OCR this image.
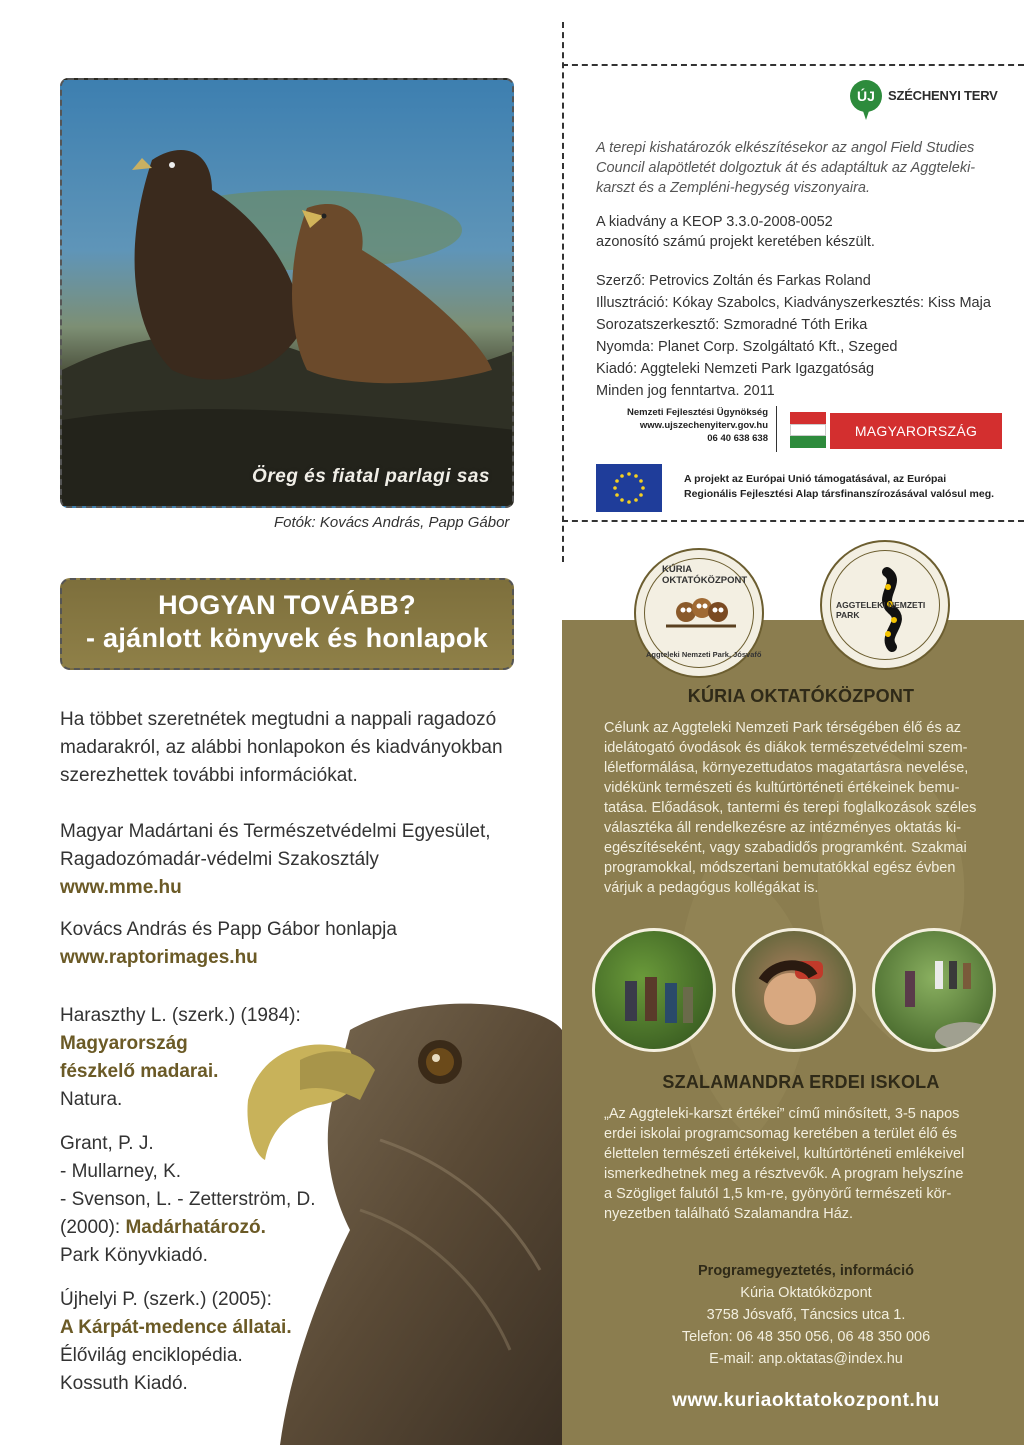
Öreg és fiatal parlagi sas
Fotók: Kovács András, Papp Gábor
HOGYAN TOVÁBB?
- ajánlott könyvek és honlapok
Ha többet szeretnétek megtudni a nappali ragadozó
madarakról, az alábbi honlapokon és kiadványokban
szerezhettek további információkat.
Magyar Madártani és Természetvédelmi Egyesület,
Ragadozómadár-védelmi Szakosztály
www.mme.hu
Kovács András és Papp Gábor honlapja
www.raptorimages.hu
Haraszthy L. (szerk.) (1984):
Magyarország
fészkelő madarai.
Natura.
Grant, P. J.
- Mullarney, K.
- Svenson, L. - Zetterström, D.
(2000): Madárhatározó.
Park Könyvkiadó.
Újhelyi P. (szerk.) (2005):
A Kárpát-medence állatai.
Élővilág enciklopédia.
Kossuth Kiadó.
ÚJ	SZÉCHENYI TERV
A terepi kishatározók elkészítésekor az angol Field Studies Council alapötletét dolgoztuk át és adaptáltuk az Aggteleki-karszt és a Zempléni-hegység viszonyaira.
A kiadvány a KEOP 3.3.0-2008-0052
azonosító számú projekt keretében készült.
Szerző: Petrovics Zoltán és Farkas Roland
Illusztráció: Kókay Szabolcs, Kiadványszerkesztés: Kiss Maja
Sorozatszerkesztő: Szmoradné Tóth Erika
Nyomda: Planet Corp. Szolgáltató Kft., Szeged
Kiadó: Aggteleki Nemzeti Park Igazgatóság
Minden jog fenntartva. 2011
Nemzeti Fejlesztési Ügynökség
www.ujszechenyiterv.gov.hu
06 40 638 638	MAGYARORSZÁG MEGÚJUL
A projekt az Európai Unió támogatásával, az Európai
Regionális Fejlesztési Alap társfinanszírozásával valósul meg.
KÚRIA OKTATÓKÖZPONT
Aggteleki Nemzeti Park, Jósvafő
AGGTELEKI NEMZETI PARK
KÚRIA OKTATÓKÖZPONT
Célunk az Aggteleki Nemzeti Park térségében élő és az
idelátogató óvodások és diákok természetvédelmi szem-
léletformálása, környezettudatos magatartásra nevelése,
vidékünk természeti és kultúrtörténeti értékeinek bemu-
tatása. Előadások, tantermi és terepi foglalkozások széles
választéka áll rendelkezésre az intézményes oktatás ki-
egészítéseként, vagy szabadidős programként. Szakmai
programokkal, módszertani bemutatókkal egész évben
várjuk a pedagógus kollégákat is.
SZALAMANDRA ERDEI ISKOLA
„Az Aggteleki-karszt értékei” című minősített, 3-5 napos
erdei iskolai programcsomag keretében a terület élő és
élettelen természeti értékeivel, kultúrtörténeti emlékeivel
ismerkedhetnek meg a résztvevők. A program helyszíne
a Szögliget falutól 1,5 km-re, gyönyörű természeti kör-
nyezetben található Szalamandra Ház.
Programegyeztetés, információ
Kúria Oktatóközpont
3758 Jósvafő, Táncsics utca 1.
Telefon: 06 48 350 056, 06 48 350 006
E-mail: anp.oktatas@index.hu
www.kuriaoktatokozpont.hu
